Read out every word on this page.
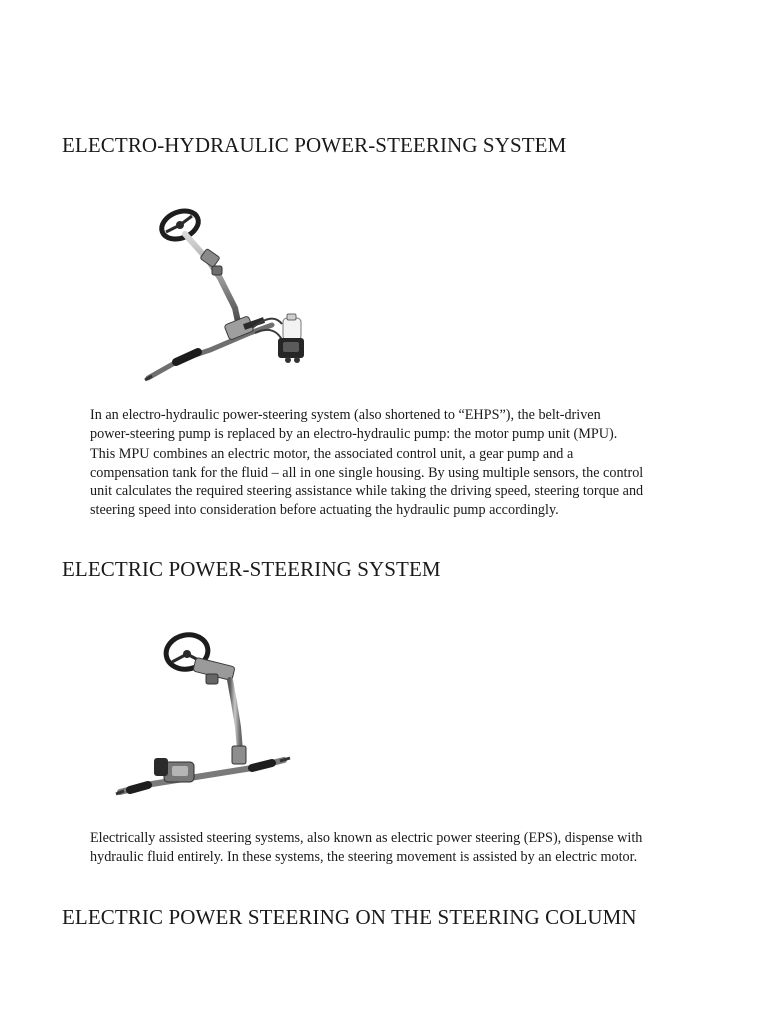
ELECTRO-HYDRAULIC POWER-STEERING SYSTEM
In an electro-hydraulic power-steering system (also shortened to “EHPS”), the belt-driven
power-steering pump is replaced by an electro-hydraulic pump: the motor pump unit (MPU).
This MPU combines an electric motor, the associated control unit, a gear pump and a
compensation tank for the fluid – all in one single housing. By using multiple sensors, the control
unit calculates the required steering assistance while taking the driving speed, steering torque and
steering speed into consideration before actuating the hydraulic pump accordingly.
ELECTRIC POWER-STEERING SYSTEM
Electrically assisted steering systems, also known as electric power steering (EPS), dispense with
hydraulic fluid entirely. In these systems, the steering movement is assisted by an electric motor.
ELECTRIC POWER STEERING ON THE STEERING COLUMN
